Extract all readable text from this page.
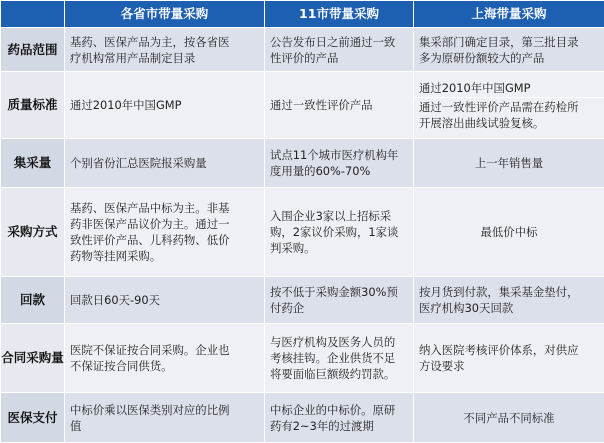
	各省市带量采购	11市带量采购	上海带量采购
药品范围	基药、医保产品为主，按各省医
疗机构常用产品制定目录	公告发布日之前通过一致
性评价的产品	集采部门确定目录，第三批目录
多为原研份额较大的产品

质量标准	通过2010年中国GMP	通过一致性评价产品	通过2010年中国GMP
通过一致性评价产品需在药检所
开展溶出曲线试验复核。

集采量	个别省份汇总医院报采购量	试点11个城市医疗机构年
度用量的60%-70%	上一年销售量

采购方式	基药、医保产品中标为主。非基
药非医保产品议价为主。通过一
致性评价产品、儿科药物、低价
药物等挂网采购。	入围企业3家以上招标采
购，2家议价采购，1家谈
判采购。	最低价中标

回款	回款日60天-90天	按不低于采购金额30%预
付药企	按月货到付款，集采基金垫付，
医疗机构30天回款

合同采购量	医院不保证按合同采购。企业也
不保证按合同供货。	与医疗机构及医务人员的
考核挂钩。企业供货不足
将要面临巨额级约罚款。	纳入医院考核评价体系，对供应
方设要求

医保支付	中标价乘以医保类别对应的比例
值	中标企业的中标价。原研
药有2~3年的过渡期	不同产品不同标准
